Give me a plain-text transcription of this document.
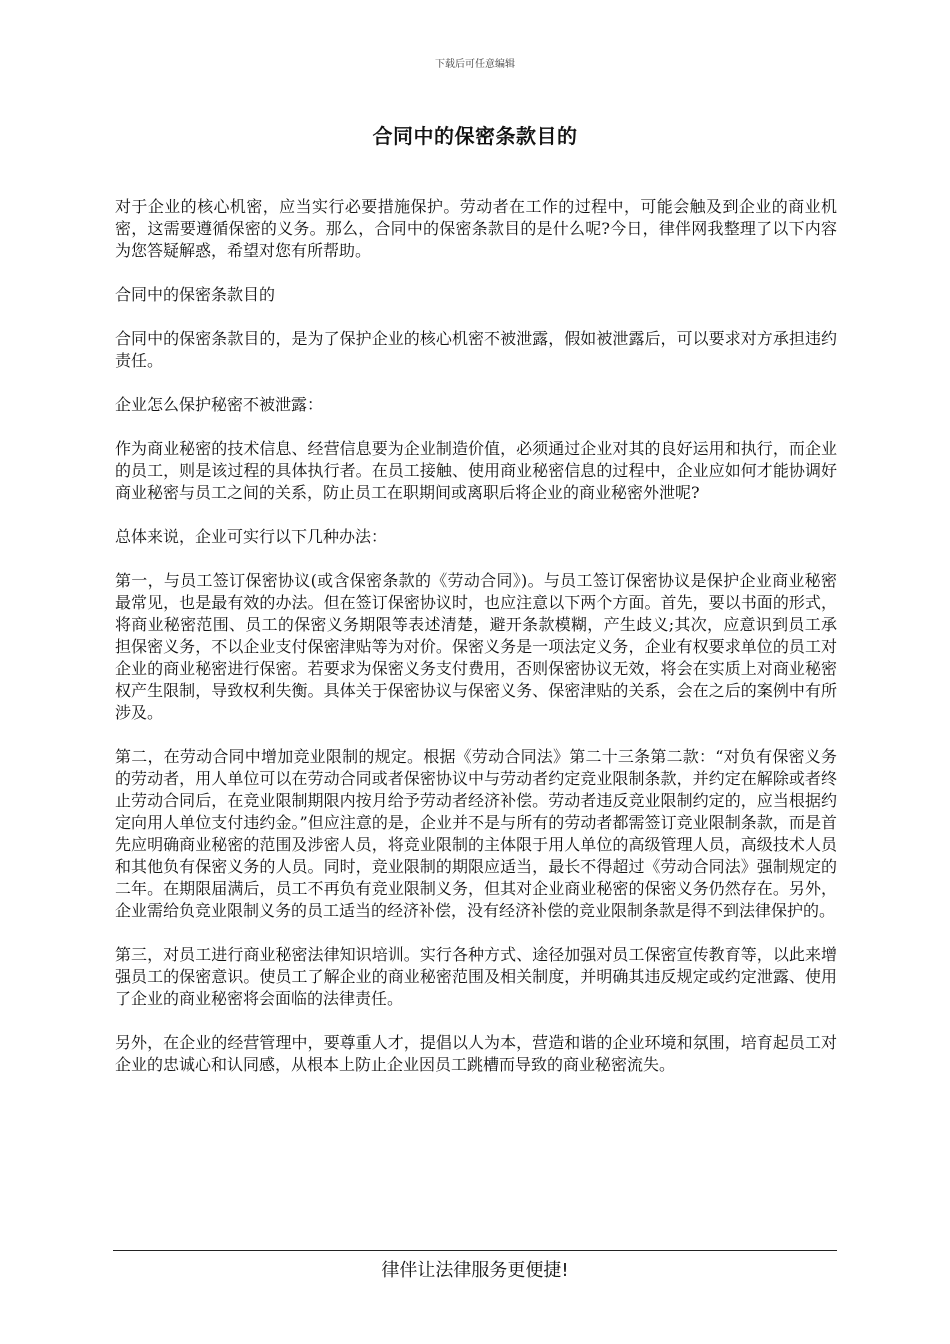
下载后可任意编辑
合同中的保密条款目的

对于企业的核心机密，应当实行必要措施保护。劳动者在工作的过程中，可能会触及到企业的商业机密，这需要遵循保密的义务。那么，合同中的保密条款目的是什么呢?今日，律伴网我整理了以下内容为您答疑解惑，希望对您有所帮助。

合同中的保密条款目的

合同中的保密条款目的，是为了保护企业的核心机密不被泄露，假如被泄露后，可以要求对方承担违约责任。

企业怎么保护秘密不被泄露：

作为商业秘密的技术信息、经营信息要为企业制造价值，必须通过企业对其的良好运用和执行，而企业的员工，则是该过程的具体执行者。在员工接触、使用商业秘密信息的过程中，企业应如何才能协调好商业秘密与员工之间的关系，防止员工在职期间或离职后将企业的商业秘密外泄呢?

总体来说，企业可实行以下几种办法：

第一，与员工签订保密协议(或含保密条款的《劳动合同》)。与员工签订保密协议是保护企业商业秘密最常见，也是最有效的办法。但在签订保密协议时，也应注意以下两个方面。首先，要以书面的形式，将商业秘密范围、员工的保密义务期限等表述清楚，避开条款模糊，产生歧义;其次，应意识到员工承担保密义务，不以企业支付保密津贴等为对价。保密义务是一项法定义务，企业有权要求单位的员工对企业的商业秘密进行保密。若要求为保密义务支付费用，否则保密协议无效，将会在实质上对商业秘密权产生限制，导致权利失衡。具体关于保密协议与保密义务、保密津贴的关系，会在之后的案例中有所涉及。

第二，在劳动合同中增加竞业限制的规定。根据《劳动合同法》第二十三条第二款：“对负有保密义务的劳动者，用人单位可以在劳动合同或者保密协议中与劳动者约定竞业限制条款，并约定在解除或者终止劳动合同后，在竞业限制期限内按月给予劳动者经济补偿。劳动者违反竞业限制约定的，应当根据约定向用人单位支付违约金。”但应注意的是，企业并不是与所有的劳动者都需签订竞业限制条款，而是首先应明确商业秘密的范围及涉密人员，将竞业限制的主体限于用人单位的高级管理人员，高级技术人员和其他负有保密义务的人员。同时，竞业限制的期限应适当，最长不得超过《劳动合同法》强制规定的二年。在期限届满后，员工不再负有竞业限制义务，但其对企业商业秘密的保密义务仍然存在。另外，企业需给负竞业限制义务的员工适当的经济补偿，没有经济补偿的竞业限制条款是得不到法律保护的。

第三，对员工进行商业秘密法律知识培训。实行各种方式、途径加强对员工保密宣传教育等，以此来增强员工的保密意识。使员工了解企业的商业秘密范围及相关制度，并明确其违反规定或约定泄露、使用了企业的商业秘密将会面临的法律责任。

另外，在企业的经营管理中，要尊重人才，提倡以人为本，营造和谐的企业环境和氛围，培育起员工对企业的忠诚心和认同感，从根本上防止企业因员工跳槽而导致的商业秘密流失。

律伴让法律服务更便捷!
